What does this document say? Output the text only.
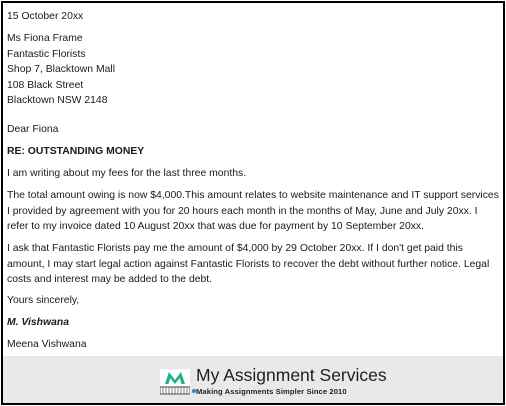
15 October 20xx

Ms Fiona Frame

Fantastic Florists

Shop 7, Blacktown Mall

108 Black Street

Blacktown NSW 2148

Dear Fiona

RE: OUTSTANDING MONEY

I am writing about my fees for the last three months.

The total amount owing is now $4,000.This amount relates to website maintenance and IT support services I provided by agreement with you for 20 hours each month in the months of May, June and July 20xx. I refer to my invoice dated 10 August 20xx that was due for payment by 10 September 20xx.

I ask that Fantastic Florists pay me the amount of $4,000 by 29 October 20xx. If I don't get paid this amount, I may start legal action against Fantastic Florists to recover the debt without further notice. Legal costs and interest may be added to the debt.

Yours sincerely,

M. Vishwana

Meena Vishwana

My Assignment Services
Making Assignments Simpler Since 2010
